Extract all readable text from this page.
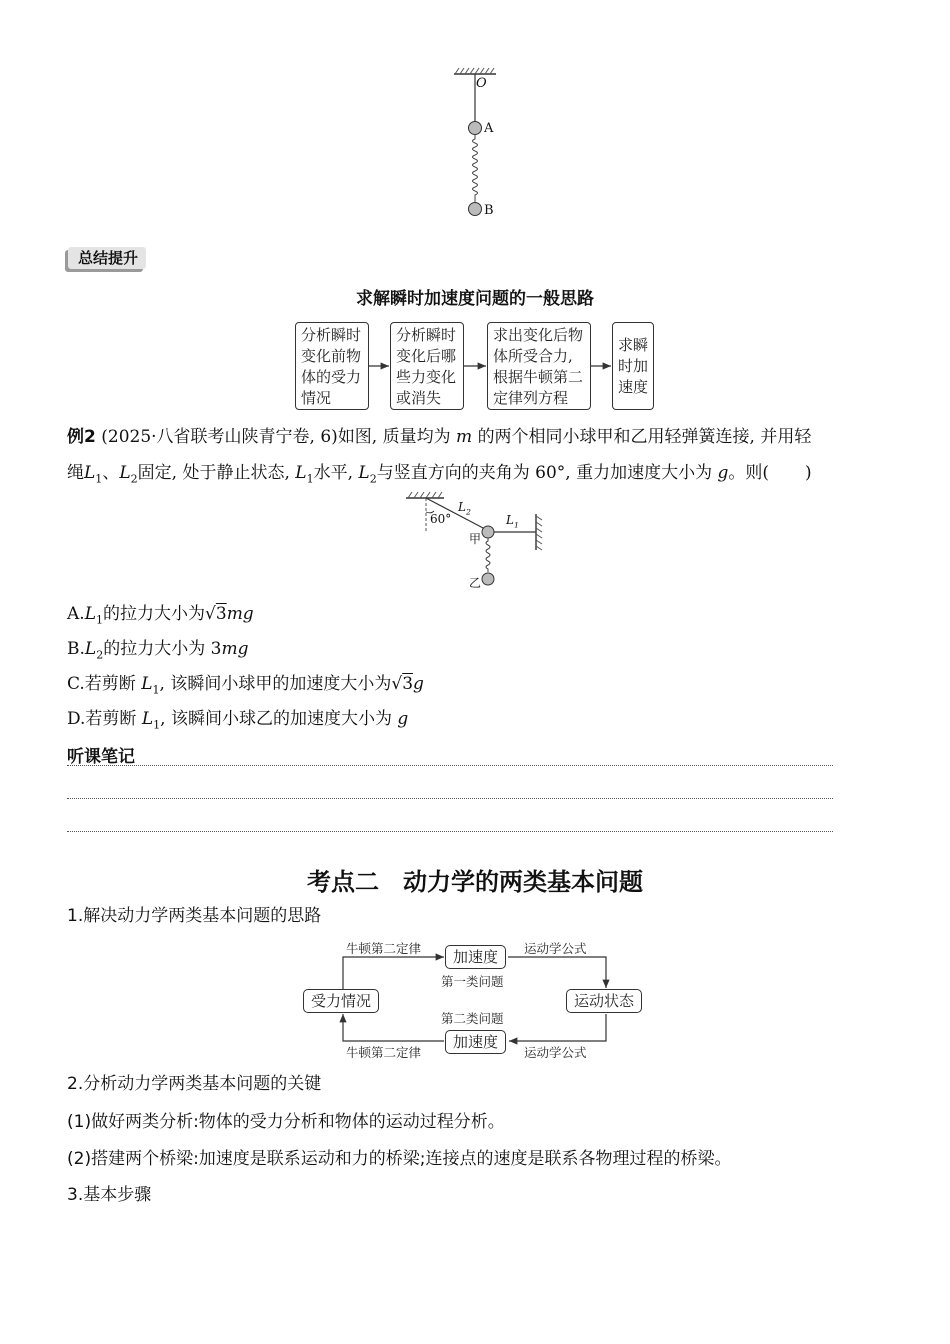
O
A
B
总结提升
求解瞬时加速度问题的一般思路
分析瞬时
变化前物
体的受力
情况
分析瞬时
变化后哪
些力变化
或消失
求出变化后物
体所受合力,
根据牛顿第二
定律列方程
求瞬
时加
速度
例2 (2025·八省联考山陕青宁卷, 6)如图, 质量均为 m 的两个相同小球甲和乙用轻弹簧连接, 并用轻
绳$L_1$、$L_2$固定, 处于静止状态, $L_1$水平, $L_2$与竖直方向的夹角为 60°, 重力加速度大小为 g。则( )
60°
$L_2$
$L_1$
甲
乙
$A.L_1$的拉力大小为√3mg
$B.L_2$的拉力大小为 3mg
C.若剪断 $L_1$, 该瞬间小球甲的加速度大小为√3g
D.若剪断 $L_1$, 该瞬间小球乙的加速度大小为 g
听课笔记
考点二　动力学的两类基本问题
1.解决动力学两类基本问题的思路
受力情况
加速度
运动状态
加速度
牛顿第二定律	运动学公式
第一类问题
第二类问题
牛顿第二定律	运动学公式
2.分析动力学两类基本问题的关键
(1)做好两类分析:物体的受力分析和物体的运动过程分析。
(2)搭建两个桥梁:加速度是联系运动和力的桥梁;连接点的速度是联系各物理过程的桥梁。
3.基本步骤
